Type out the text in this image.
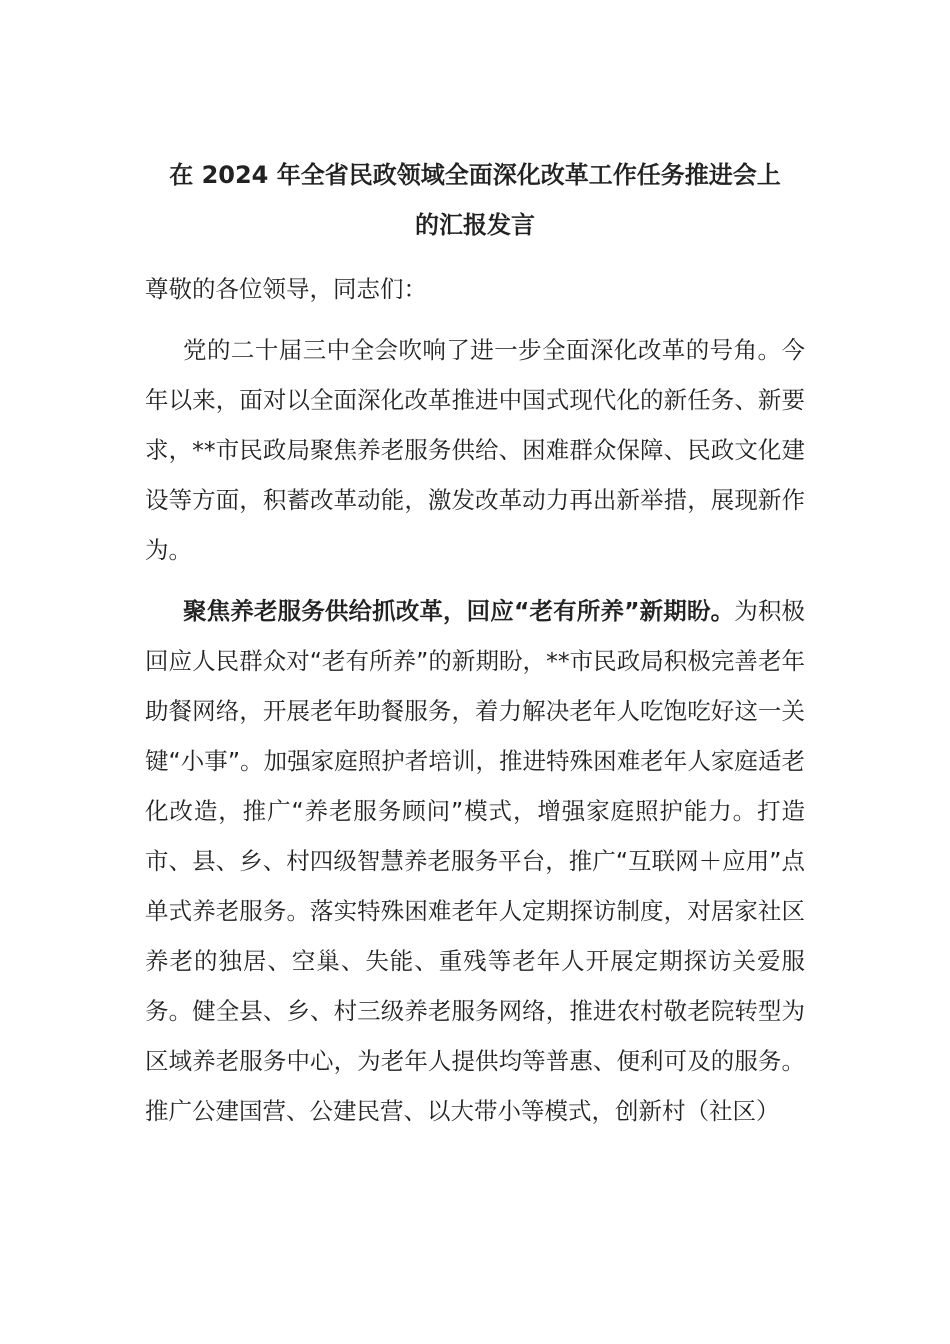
在 2024 年全省民政领域全面深化改革工作任务推进会上
的汇报发言

尊敬的各位领导，同志们：

党的二十届三中全会吹响了进一步全面深化改革的号角。今年以来，面对以全面深化改革推进中国式现代化的新任务、新要求，**市民政局聚焦养老服务供给、困难群众保障、民政文化建设等方面，积蓄改革动能，激发改革动力再出新举措，展现新作为。

聚焦养老服务供给抓改革，回应“老有所养”新期盼。为积极回应人民群众对“老有所养”的新期盼，**市民政局积极完善老年助餐网络，开展老年助餐服务，着力解决老年人吃饱吃好这一关键“小事”。加强家庭照护者培训，推进特殊困难老年人家庭适老化改造，推广“养老服务顾问”模式，增强家庭照护能力。打造市、县、乡、村四级智慧养老服务平台，推广“互联网＋应用”点单式养老服务。落实特殊困难老年人定期探访制度，对居家社区养老的独居、空巢、失能、重残等老年人开展定期探访关爱服务。健全县、乡、村三级养老服务网络，推进农村敬老院转型为区域养老服务中心，为老年人提供均等普惠、便利可及的服务。推广公建国营、公建民营、以大带小等模式，创新村（社区）
